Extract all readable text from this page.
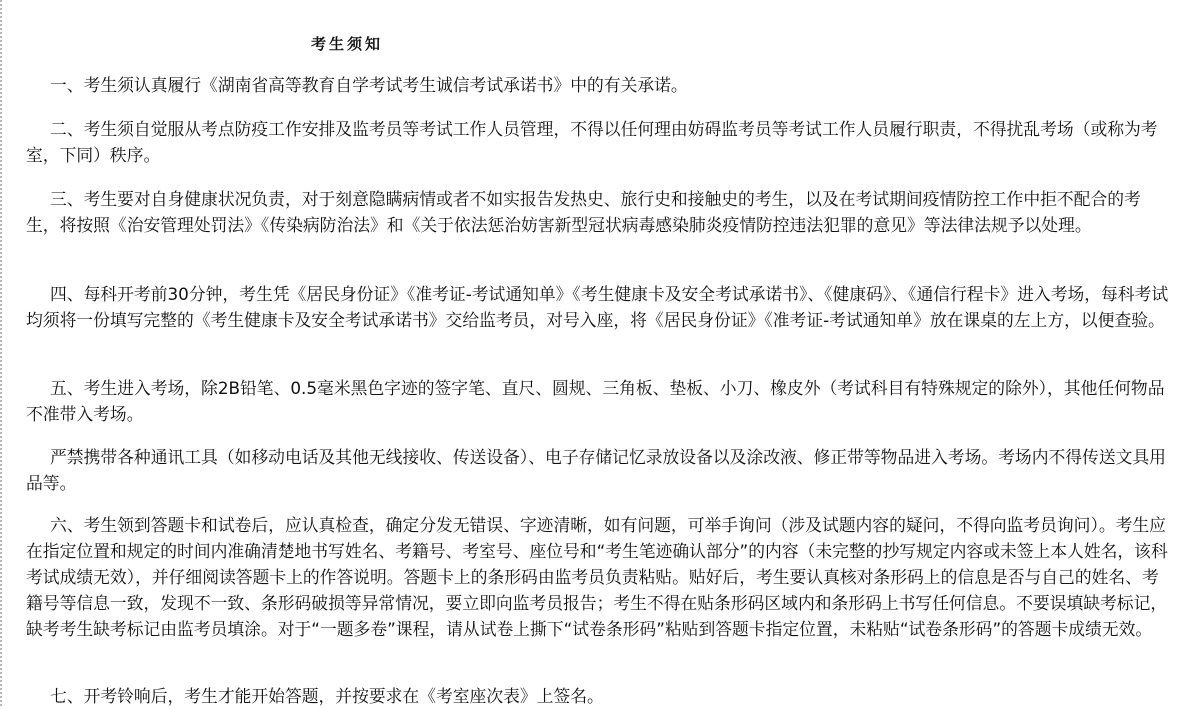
考生须知

一、考生须认真履行《湖南省高等教育自学考试考生诚信考试承诺书》中的有关承诺。

二、考生须自觉服从考点防疫工作安排及监考员等考试工作人员管理，不得以任何理由妨碍监考员等考试工作人员履行职责，不得扰乱考场（或称为考室，下同）秩序。

三、考生要对自身健康状况负责，对于刻意隐瞒病情或者不如实报告发热史、旅行史和接触史的考生，以及在考试期间疫情防控工作中拒不配合的考生，将按照《治安管理处罚法》《传染病防治法》和《关于依法惩治妨害新型冠状病毒感染肺炎疫情防控违法犯罪的意见》等法律法规予以处理。

四、每科开考前30分钟，考生凭《居民身份证》《准考证-考试通知单》《考生健康卡及安全考试承诺书》、《健康码》、《通信行程卡》进入考场，每科考试均须将一份填写完整的《考生健康卡及安全考试承诺书》交给监考员，对号入座，将《居民身份证》《准考证-考试通知单》放在课桌的左上方，以便查验。

五、考生进入考场，除2B铅笔、0.5毫米黑色字迹的签字笔、直尺、圆规、三角板、垫板、小刀、橡皮外（考试科目有特殊规定的除外），其他任何物品不准带入考场。

严禁携带各种通讯工具（如移动电话及其他无线接收、传送设备）、电子存储记忆录放设备以及涂改液、修正带等物品进入考场。考场内不得传送文具用品等。

六、考生领到答题卡和试卷后，应认真检查，确定分发无错误、字迹清晰，如有问题，可举手询问（涉及试题内容的疑问，不得向监考员询问）。考生应在指定位置和规定的时间内准确清楚地书写姓名、考籍号、考室号、座位号和“考生笔迹确认部分”的内容（未完整的抄写规定内容或未签上本人姓名，该科考试成绩无效），并仔细阅读答题卡上的作答说明。答题卡上的条形码由监考员负责粘贴。贴好后，考生要认真核对条形码上的信息是否与自己的姓名、考籍号等信息一致，发现不一致、条形码破损等异常情况，要立即向监考员报告；考生不得在贴条形码区域内和条形码上书写任何信息。不要误填缺考标记，缺考考生缺考标记由监考员填涂。对于“一题多卷”课程，请从试卷上撕下“试卷条形码”粘贴到答题卡指定位置，未粘贴“试卷条形码”的答题卡成绩无效。

七、开考铃响后，考生才能开始答题，并按要求在《考室座次表》上签名。
